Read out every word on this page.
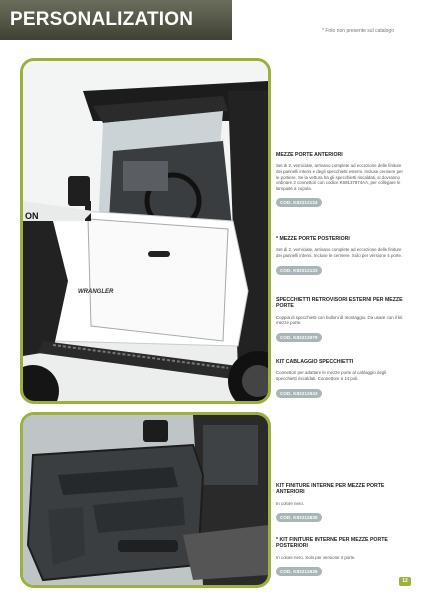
PERSONALIZATION
* Foto non presente sul catalogo
ON
WRANGLER
MEZZE PORTE ANTERIORI
Set di 2, verniciate, arrivano complete ad eccezione delle finiture dei pannelli interni e degli specchietti esterni. Incluse cerniere per le portiere. Se la vettura ha gli specchietti riscaldati, si dovranno ordinare 2 connettori con codice K68137874AA, per collegare le lampade a cupola.
COD. K82212124
* MEZZE PORTE POSTERIORI
Set di 2, verniciate, arrivano complete ad eccezione delle finiture dei pannelli interni. Incluse le cerniere. Solo per versione 4 porte.
COD. K82212133
SPECCHIETTI RETROVISORI ESTERNI PER MEZZE PORTE
Coppia di specchietti con bulloni di montaggio. Da usare con il kit mezze porte.
COD. K82213079
KIT CABLAGGIO SPECCHIETTI
Connettori per adattare le mezze porte al cablaggio degli specchietti riscaldati. Connettore a 14 poli.
COD. K82212943
KIT FINITURE INTERNE PER MEZZE PORTE ANTERIORI
In colore nero.
COD. K82212635
* KIT FINITURE INTERNE PER MEZZE PORTE POSTERIORI
In colore nero. Solo per versione 4 porte.
COD. K82212638
12
